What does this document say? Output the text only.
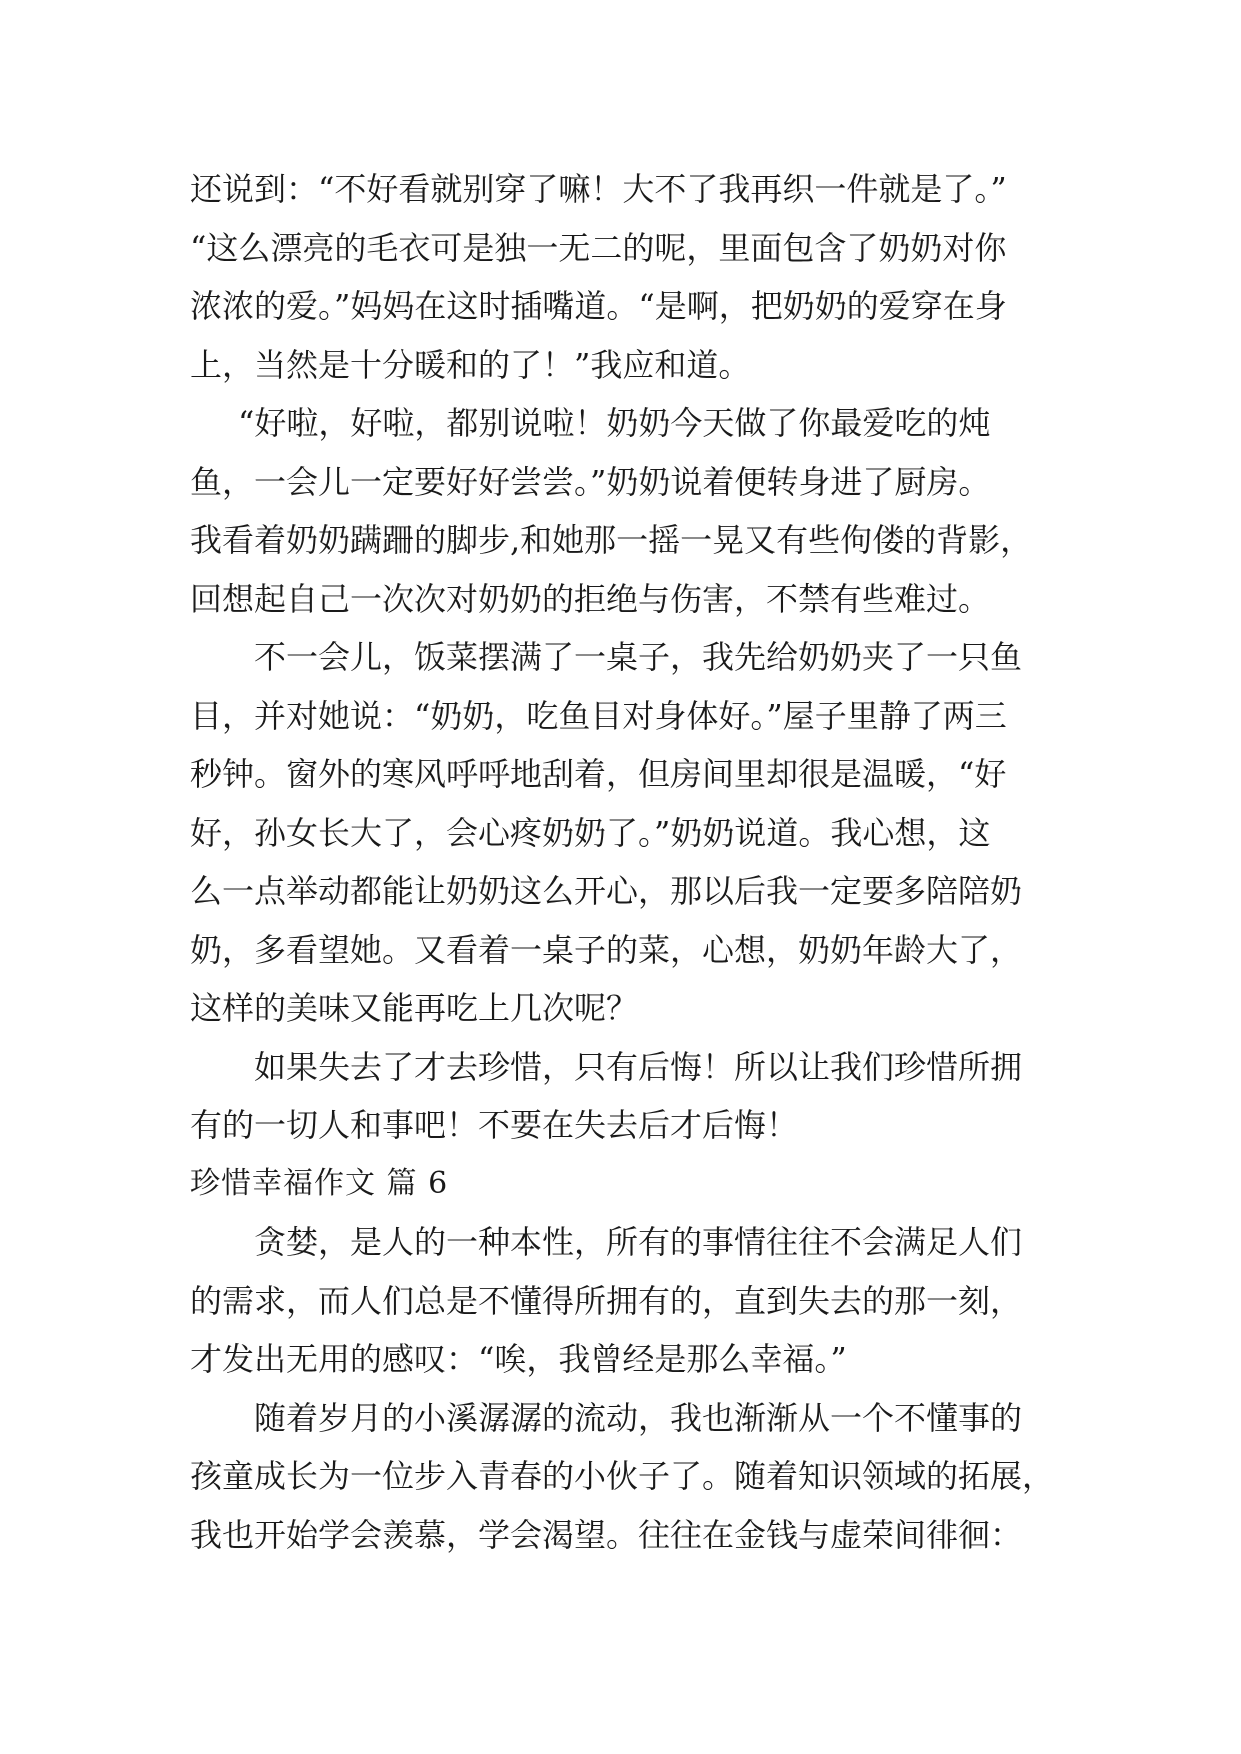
还说到：“不好看就别穿了嘛！大不了我再织一件就是了。”
“这么漂亮的毛衣可是独一无二的呢，里面包含了奶奶对你
浓浓的爱。”妈妈在这时插嘴道。“是啊，把奶奶的爱穿在身
上，当然是十分暖和的了！”我应和道。
“好啦，好啦，都别说啦！奶奶今天做了你最爱吃的炖
鱼，一会儿一定要好好尝尝。”奶奶说着便转身进了厨房。
我看着奶奶蹒跚的脚步,和她那一摇一晃又有些佝偻的背影，
回想起自己一次次对奶奶的拒绝与伤害，不禁有些难过。
不一会儿，饭菜摆满了一桌子，我先给奶奶夹了一只鱼
目，并对她说：“奶奶，吃鱼目对身体好。”屋子里静了两三
秒钟。窗外的寒风呼呼地刮着，但房间里却很是温暖，“好
好，孙女长大了，会心疼奶奶了。”奶奶说道。我心想，这
么一点举动都能让奶奶这么开心，那以后我一定要多陪陪奶
奶，多看望她。又看着一桌子的菜，心想，奶奶年龄大了，
这样的美味又能再吃上几次呢？
如果失去了才去珍惜，只有后悔！所以让我们珍惜所拥
有的一切人和事吧！不要在失去后才后悔！
珍惜幸福作文 篇 6
贪婪，是人的一种本性，所有的事情往往不会满足人们
的需求，而人们总是不懂得所拥有的，直到失去的那一刻，
才发出无用的感叹：“唉，我曾经是那么幸福。”
随着岁月的小溪潺潺的流动，我也渐渐从一个不懂事的
孩童成长为一位步入青春的小伙子了。随着知识领域的拓展，
我也开始学会羡慕，学会渴望。往往在金钱与虚荣间徘徊：
